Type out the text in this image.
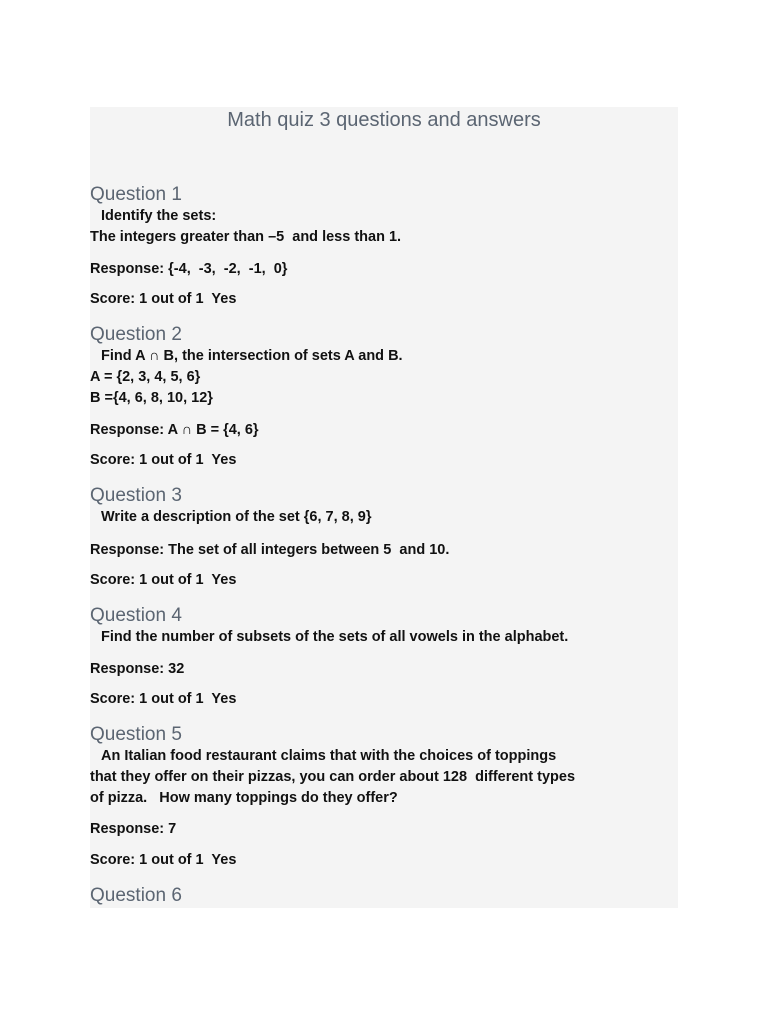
Math quiz 3 questions and answers
Question 1

Identify the sets:
The integers greater than –5  and less than 1.

Response: {-4,  -3,  -2,  -1,  0}

Score: 1 out of 1  Yes

Question 2

Find A ∩ B, the intersection of sets A and B.
A = {2, 3, 4, 5, 6}
B ={4, 6, 8, 10, 12}

Response: A ∩ B = {4, 6}

Score: 1 out of 1  Yes

Question 3

Write a description of the set {6, 7, 8, 9}

Response: The set of all integers between 5  and 10.

Score: 1 out of 1  Yes

Question 4

Find the number of subsets of the sets of all vowels in the alphabet.

Response: 32

Score: 1 out of 1  Yes

Question 5

An Italian food restaurant claims that with the choices of toppings
that they offer on their pizzas, you can order about 128  different types
of pizza.   How many toppings do they offer?

Response: 7

Score: 1 out of 1  Yes

Question 6
